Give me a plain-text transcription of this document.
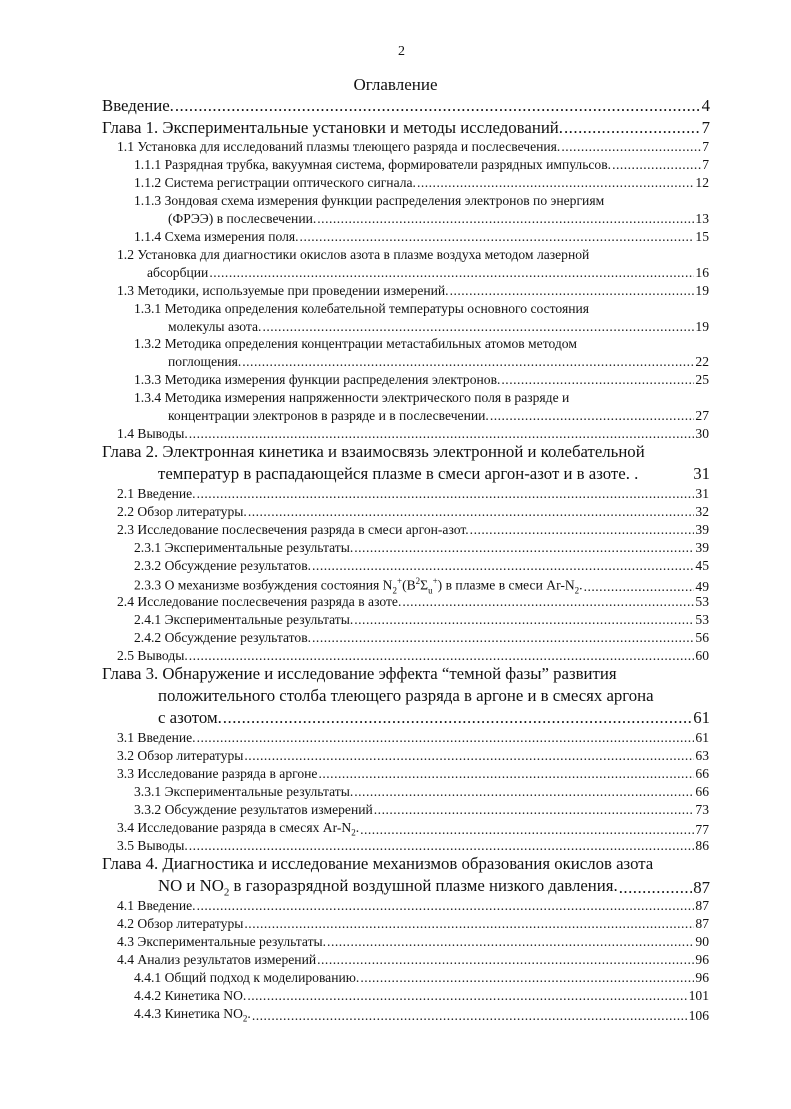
2
Оглавление
Введение. .....	4
Глава 1. Экспериментальные установки и методы исследований. .....	7
1.1 Установка для исследований плазмы тлеющего разряда и послесвечения. .....	7
1.1.1 Разрядная трубка, вакуумная система, формирователи разрядных импульсов. .....	7
1.1.2 Система регистрации оптического сигнала. .....	12
1.1.3 Зондовая схема измерения функции распределения электронов по энергиям
(ФРЭЭ) в послесвечении. .....	13
1.1.4 Схема измерения поля. .....	15
1.2 Установка для диагностики окислов азота в плазме воздуха методом лазерной
абсорбции .....	16
1.3 Методики, используемые при проведении измерений. .....	19
1.3.1 Методика определения колебательной температуры основного состояния
молекулы азота. .....	19
1.3.2 Методика определения концентрации метастабильных атомов методом
поглощения. .....	22
1.3.3 Методика измерения функции распределения электронов. .....	25
1.3.4 Методика измерения напряженности электрического поля в разряде и
концентрации электронов в разряде и в послесвечении. .....	27
1.4 Выводы. .....	30
Глава 2. Электронная кинетика и взаимосвязь электронной и колебательной
температур в распадающейся плазме в смеси аргон-азот и в азоте. .	31
2.1 Введение. .....	31
2.2 Обзор литературы. .....	32
2.3 Исследование послесвечения разряда в смеси аргон-азот. .....	39
2.3.1 Экспериментальные результаты. .....	39
2.3.2 Обсуждение результатов. .....	45
2.3.3 О механизме возбуждения состояния $N_2^+(B^2\Sigma_u^+)$ в плазме в смеси $Ar-N_2$. .....	49
2.4 Исследование послесвечения разряда в азоте. .....	53
2.4.1 Экспериментальные результаты. .....	53
2.4.2 Обсуждение результатов. .....	56
2.5 Выводы. .....	60
Глава 3. Обнаружение и исследование эффекта “темной фазы” развития
положительного столба тлеющего разряда в аргоне и в смесях аргона
с азотом. .....	61
3.1 Введение. .....	61
3.2 Обзор литературы .....	63
3.3 Исследование разряда в аргоне .....	66
3.3.1 Экспериментальные результаты. .....	66
3.3.2 Обсуждение результатов измерений .....	73
3.4 Исследование разряда в смесях $Ar-N_2$. .....	77
3.5 Выводы. .....	86
Глава 4. Диагностика и исследование механизмов образования окислов азота
NO и $NO_2$ в газоразрядной воздушной плазме низкого давления. .....	87
4.1 Введение. .....	87
4.2 Обзор литературы .....	87
4.3 Экспериментальные результаты. .....	90
4.4 Анализ результатов измерений .....	96
4.4.1 Общий подход к моделированию. .....	96
4.4.2 Кинетика NO. .....	101
4.4.3 Кинетика $NO_2$. .....	106
